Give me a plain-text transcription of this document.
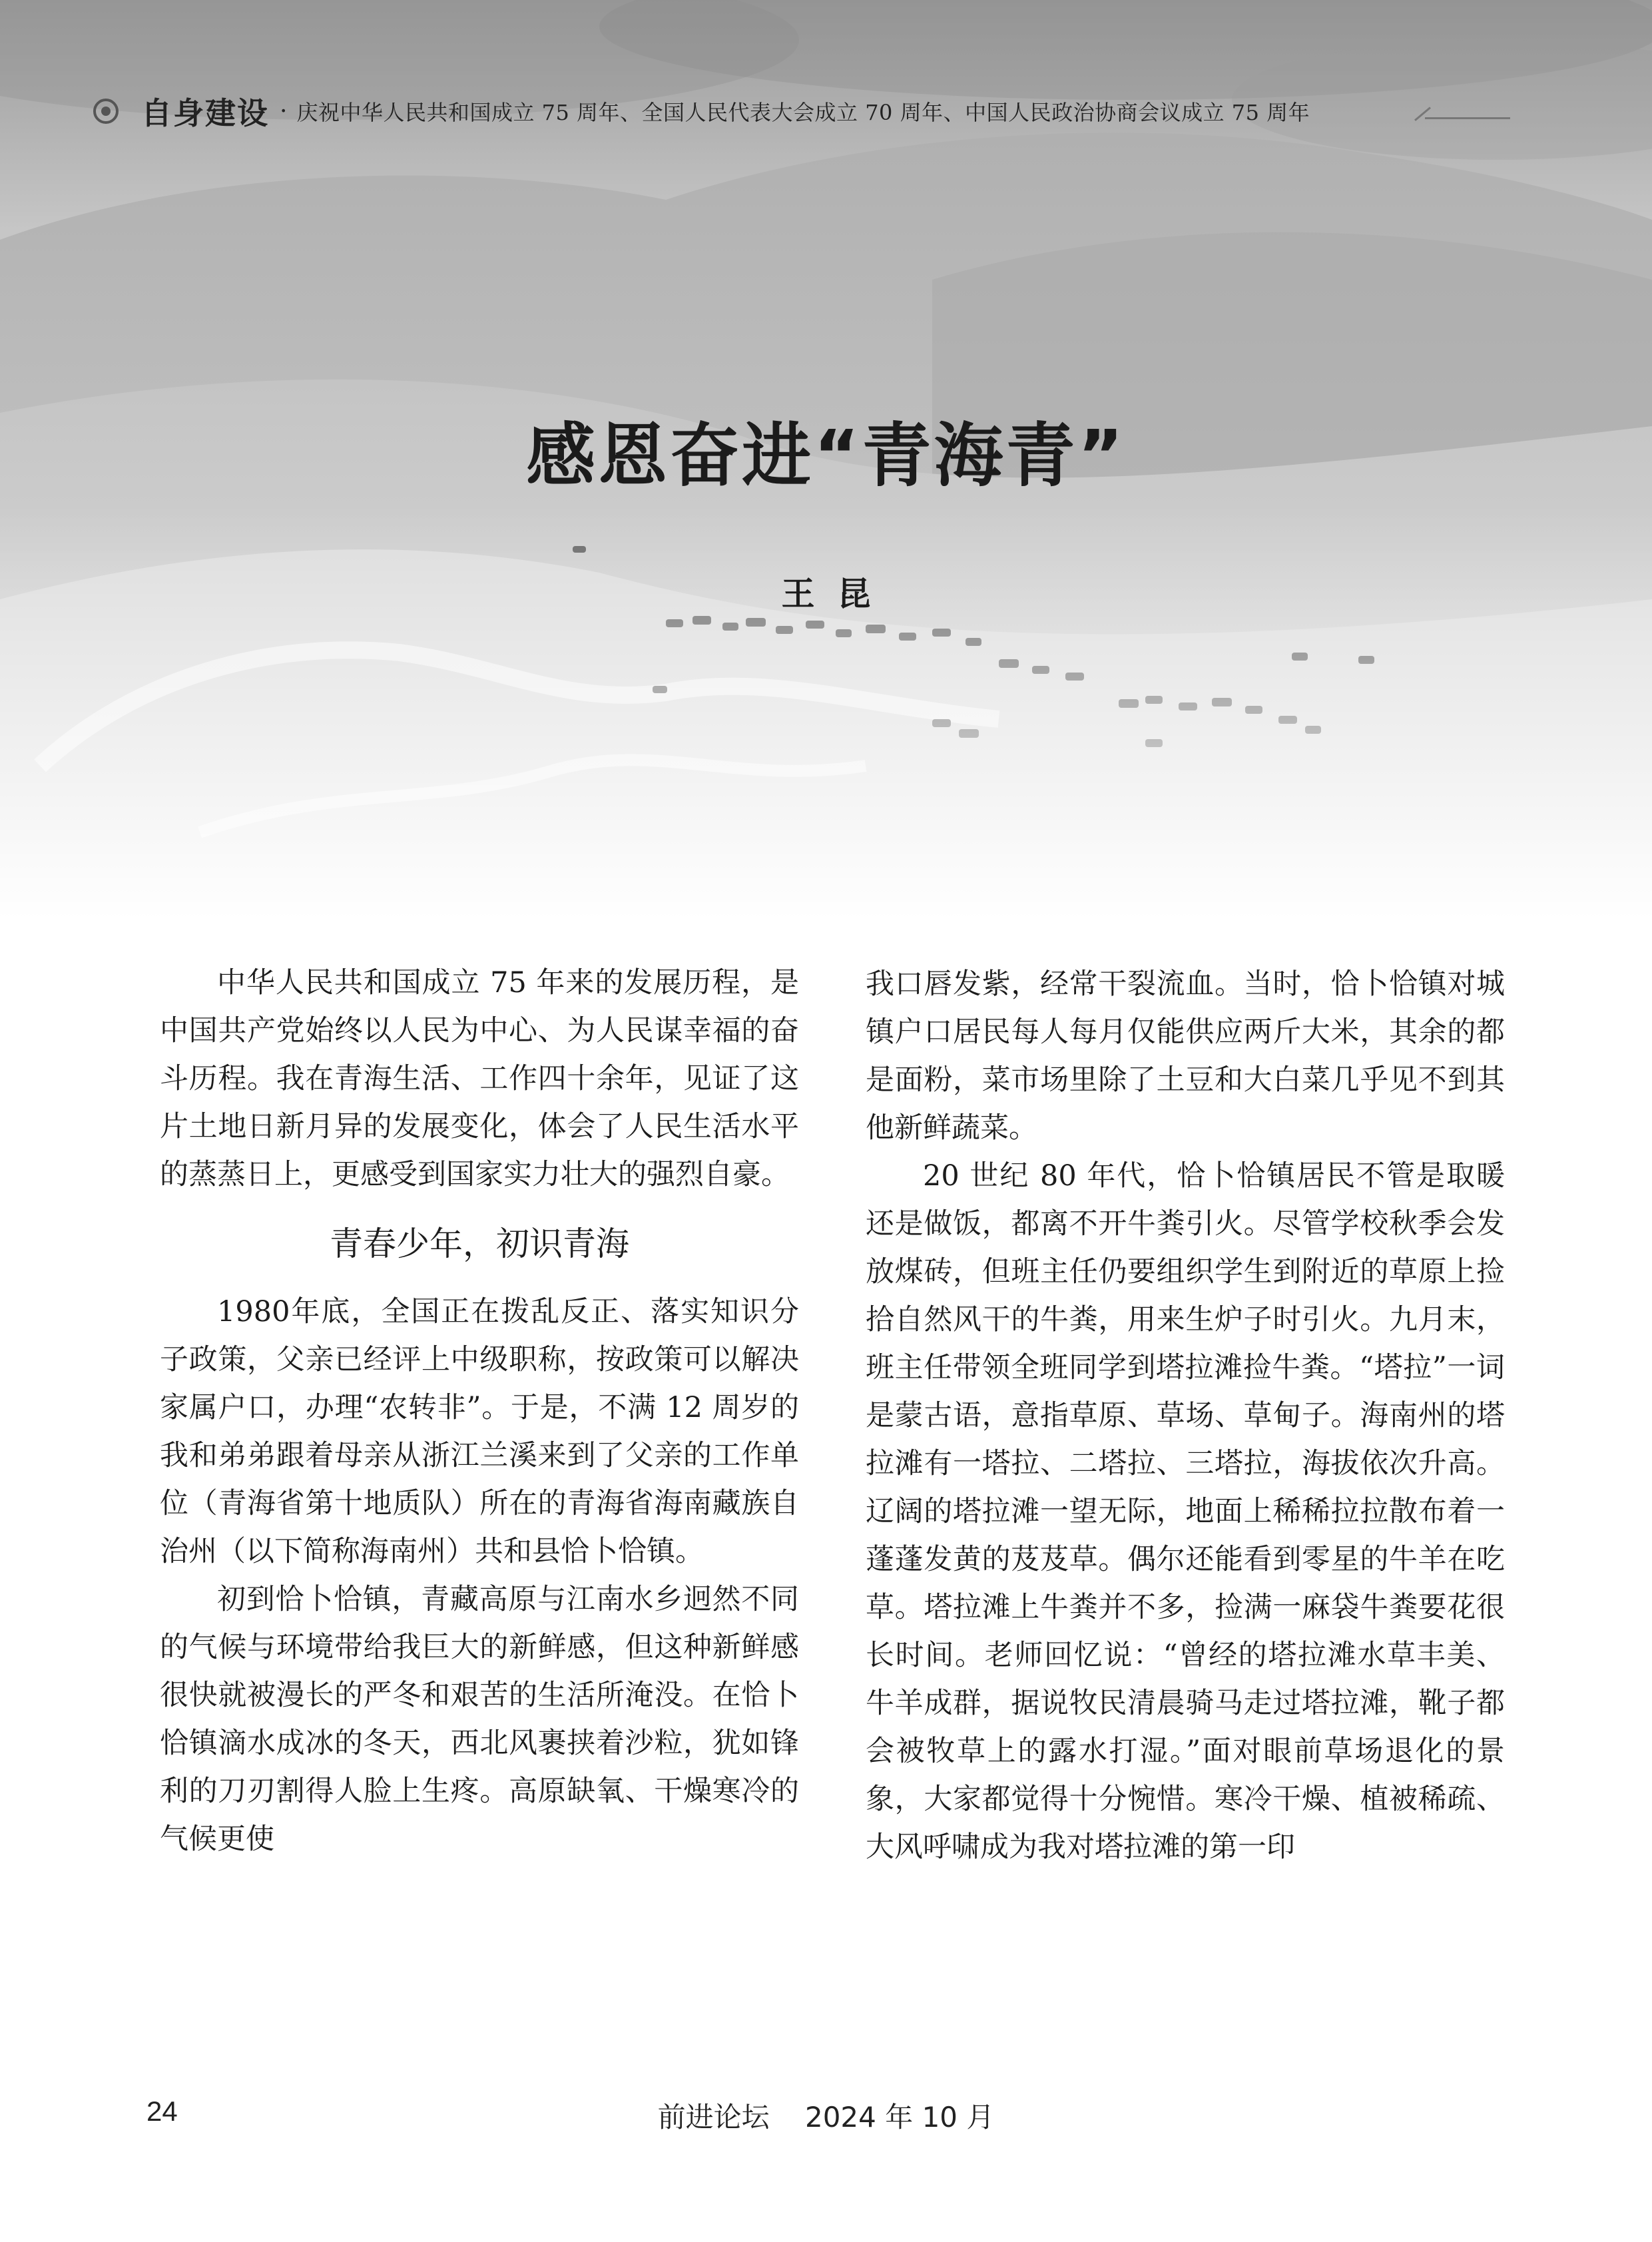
自身建设 · 庆祝中华人民共和国成立 75 周年、全国人民代表大会成立 70 周年、中国人民政治协商会议成立 75 周年
感恩奋进“青海青”
王昆

中华人民共和国成立 75 年来的发展历程，是中国共产党始终以人民为中心、为人民谋幸福的奋斗历程。我在青海生活、工作四十余年，见证了这片土地日新月异的发展变化，体会了人民生活水平的蒸蒸日上，更感受到国家实力壮大的强烈自豪。

青春少年，初识青海

1980年底，全国正在拨乱反正、落实知识分子政策，父亲已经评上中级职称，按政策可以解决家属户口，办理“农转非”。于是，不满 12 周岁的我和弟弟跟着母亲从浙江兰溪来到了父亲的工作单位（青海省第十地质队）所在的青海省海南藏族自治州（以下简称海南州）共和县恰卜恰镇。

初到恰卜恰镇，青藏高原与江南水乡迥然不同的气候与环境带给我巨大的新鲜感，但这种新鲜感很快就被漫长的严冬和艰苦的生活所淹没。在恰卜恰镇滴水成冰的冬天，西北风裹挟着沙粒，犹如锋利的刀刃割得人脸上生疼。高原缺氧、干燥寒冷的气候更使

我口唇发紫，经常干裂流血。当时，恰卜恰镇对城镇户口居民每人每月仅能供应两斤大米，其余的都是面粉，菜市场里除了土豆和大白菜几乎见不到其他新鲜蔬菜。

20 世纪 80 年代，恰卜恰镇居民不管是取暖还是做饭，都离不开牛粪引火。尽管学校秋季会发放煤砖，但班主任仍要组织学生到附近的草原上捡拾自然风干的牛粪，用来生炉子时引火。九月末，班主任带领全班同学到塔拉滩捡牛粪。“塔拉”一词是蒙古语，意指草原、草场、草甸子。海南州的塔拉滩有一塔拉、二塔拉、三塔拉，海拔依次升高。辽阔的塔拉滩一望无际，地面上稀稀拉拉散布着一蓬蓬发黄的芨芨草。偶尔还能看到零星的牛羊在吃草。塔拉滩上牛粪并不多，捡满一麻袋牛粪要花很长时间。老师回忆说：“曾经的塔拉滩水草丰美、牛羊成群，据说牧民清晨骑马走过塔拉滩，靴子都会被牧草上的露水打湿。”面对眼前草场退化的景象，大家都觉得十分惋惜。寒冷干燥、植被稀疏、大风呼啸成为我对塔拉滩的第一印

24	前进论坛 2024 年 10 月
